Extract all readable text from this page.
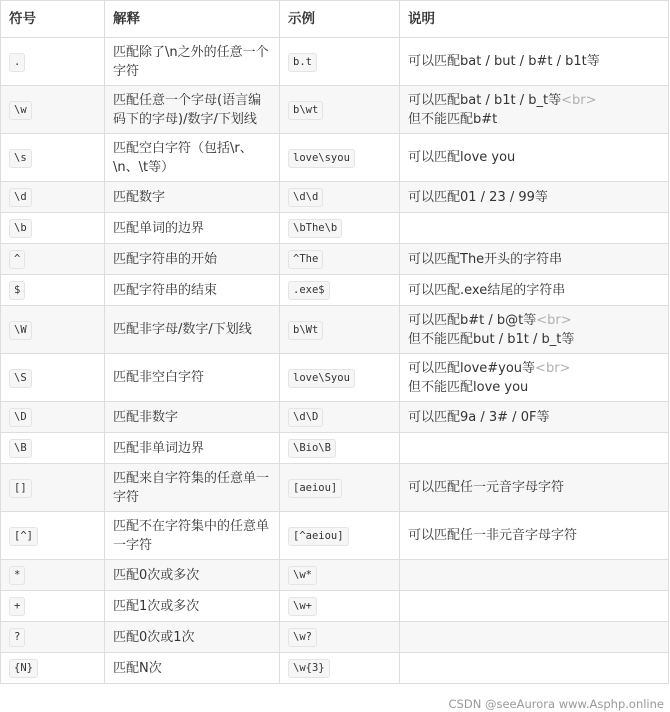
符号	解释	示例	说明
.	匹配除了\n之外的任意一个字符	b.t	可以匹配bat / but / b#t / b1t等
\w	匹配任意一个字母(语言编码下的字母)/数字/下划线	b\wt	可以匹配bat / b1t / b_t等<br>
但不能匹配b#t
\s	匹配空白字符（包括\r、\n、\t等）	love\syou	可以匹配love you
\d	匹配数字	\d\d	可以匹配01 / 23 / 99等
\b	匹配单词的边界	\bThe\b	
^	匹配字符串的开始	^The	可以匹配The开头的字符串
$	匹配字符串的结束	.exe$	可以匹配.exe结尾的字符串
\W	匹配非字母/数字/下划线	b\Wt	可以匹配b#t / b@t等<br>
但不能匹配but / b1t / b_t等
\S	匹配非空白字符	love\Syou	可以匹配love#you等<br>
但不能匹配love you
\D	匹配非数字	\d\D	可以匹配9a / 3# / 0F等
\B	匹配非单词边界	\Bio\B	
[]	匹配来自字符集的任意单一字符	[aeiou]	可以匹配任一元音字母字符
[^]	匹配不在字符集中的任意单一字符	[^aeiou]	可以匹配任一非元音字母字符
*	匹配0次或多次	\w*	
+	匹配1次或多次	\w+	
?	匹配0次或1次	\w?	
{N}	匹配N次	\w{3}	
CSDN @seeAurora www.Asphp.online
